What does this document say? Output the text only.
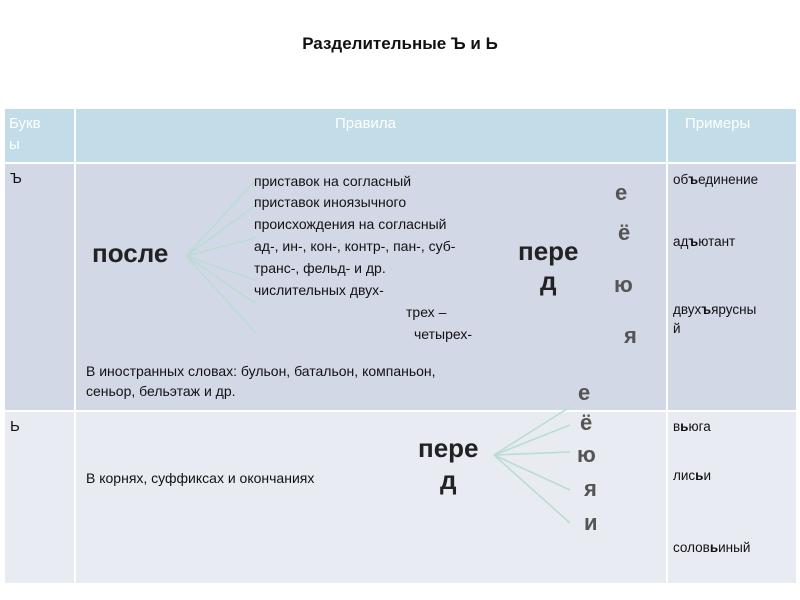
Разделительные Ъ и Ь
Букв
ы
Правила	Примеры
Ъ
после
приставок на согласный
приставок иноязычного
происхождения на согласный
ад-, ин-, кон-, контр-, пан-, суб-
транс-, фельд- и др.
числительных двух-
трех –
четырех-
пере
д
е
ё
ю
я
В иностранных словах: бульон, батальон, компаньон,
сеньор, бельэтаж и др.
объединение
адъютант
двухъярусны
й
Ь
пере
д
В корнях, суффиксах и окончаниях
е
ё
ю
я
и
вьюга
лисьи
соловьиный
